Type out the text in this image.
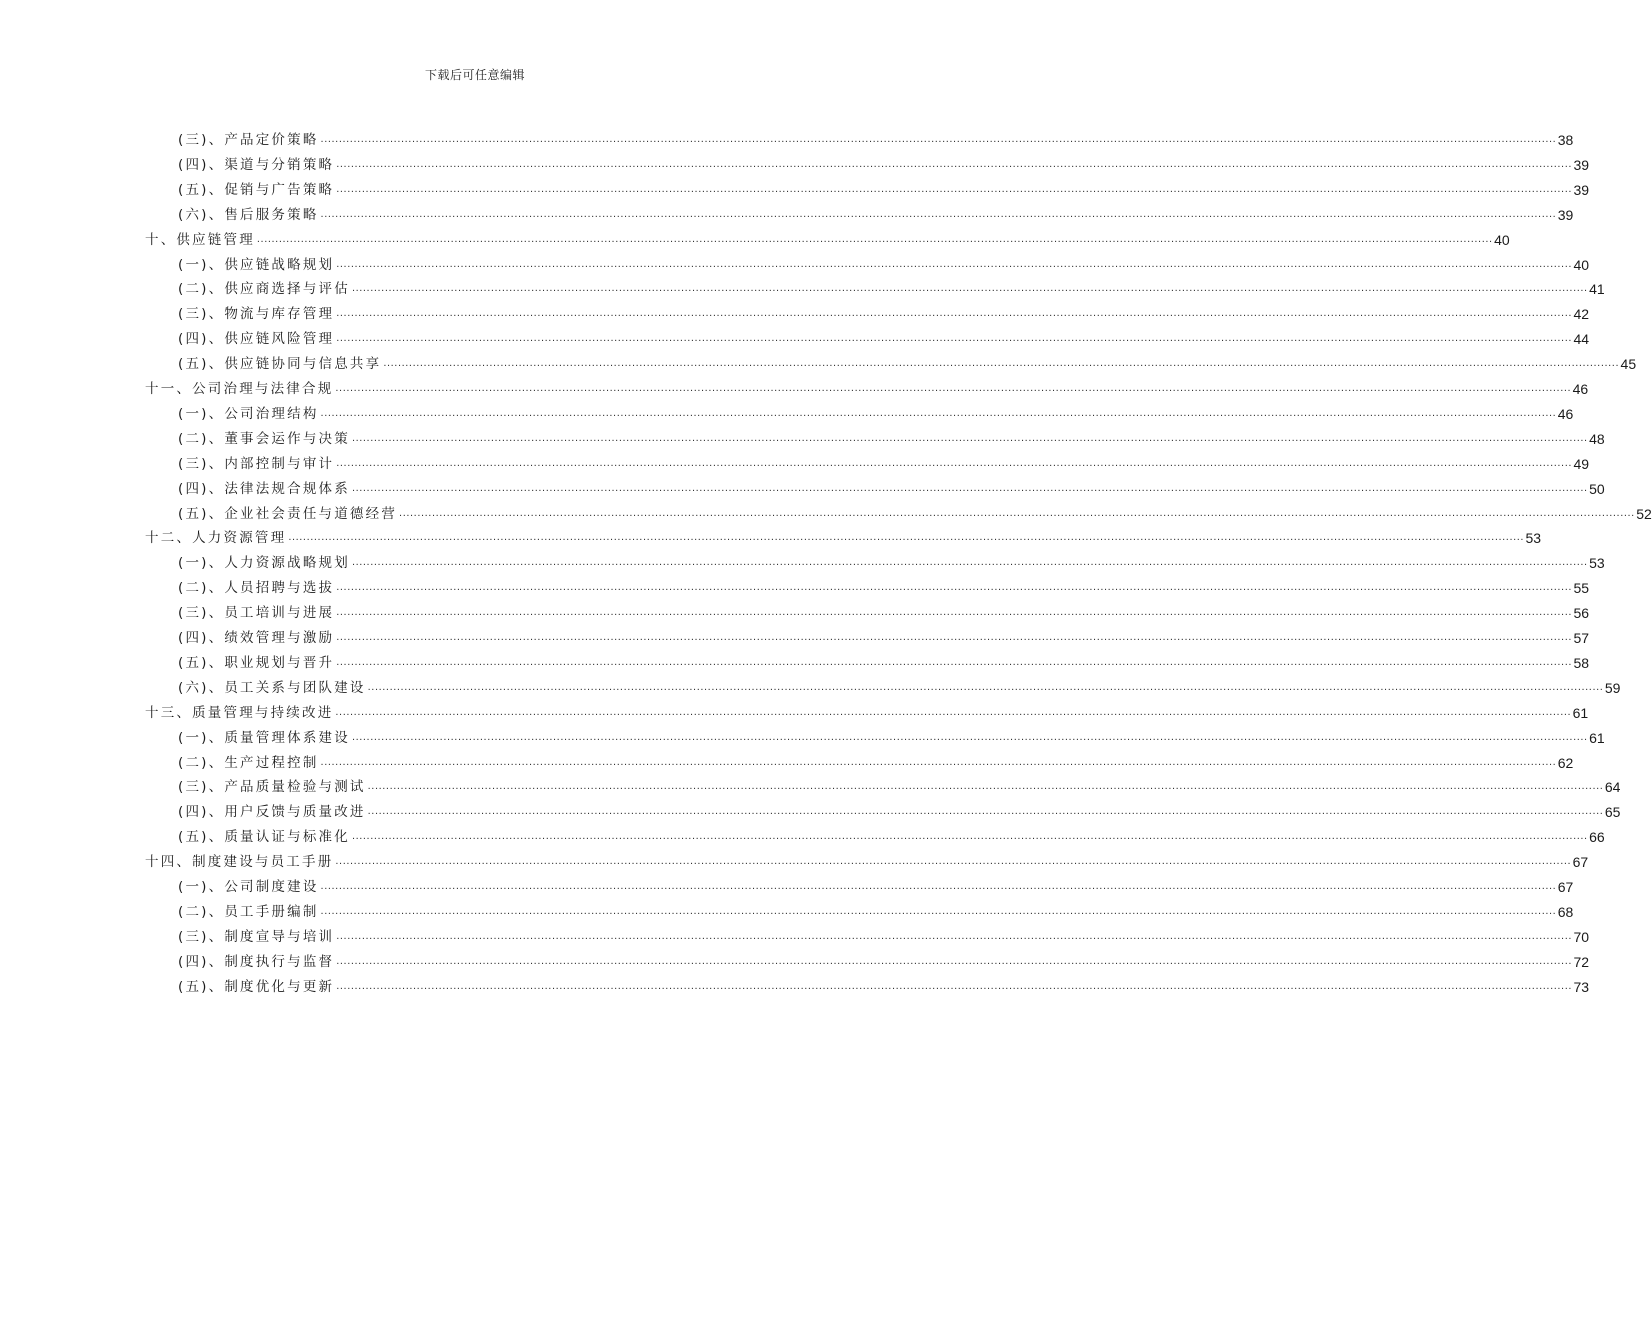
下载后可任意编辑
(三)、产品定价策略 .................................................................................................................................................................................................................................................................................................................................................. 38
(四)、渠道与分销策略 .................................................................................................................................................................................................................................................................................................................................................. 39
(五)、促销与广告策略 .................................................................................................................................................................................................................................................................................................................................................. 39
(六)、售后服务策略 .................................................................................................................................................................................................................................................................................................................................................. 39
十、供应链管理 .................................................................................................................................................................................................................................................................................................................................................. 40
(一)、供应链战略规划 .................................................................................................................................................................................................................................................................................................................................................. 40
(二)、供应商选择与评估 .................................................................................................................................................................................................................................................................................................................................................. 41
(三)、物流与库存管理 .................................................................................................................................................................................................................................................................................................................................................. 42
(四)、供应链风险管理 .................................................................................................................................................................................................................................................................................................................................................. 44
(五)、供应链协同与信息共享 .................................................................................................................................................................................................................................................................................................................................................. 45
十一、公司治理与法律合规 .................................................................................................................................................................................................................................................................................................................................................. 46
(一)、公司治理结构 .................................................................................................................................................................................................................................................................................................................................................. 46
(二)、董事会运作与决策 .................................................................................................................................................................................................................................................................................................................................................. 48
(三)、内部控制与审计 .................................................................................................................................................................................................................................................................................................................................................. 49
(四)、法律法规合规体系 .................................................................................................................................................................................................................................................................................................................................................. 50
(五)、企业社会责任与道德经营 .................................................................................................................................................................................................................................................................................................................................................. 52
十二、人力资源管理 .................................................................................................................................................................................................................................................................................................................................................. 53
(一)、人力资源战略规划 .................................................................................................................................................................................................................................................................................................................................................. 53
(二)、人员招聘与选拔 .................................................................................................................................................................................................................................................................................................................................................. 55
(三)、员工培训与进展 .................................................................................................................................................................................................................................................................................................................................................. 56
(四)、绩效管理与激励 .................................................................................................................................................................................................................................................................................................................................................. 57
(五)、职业规划与晋升 .................................................................................................................................................................................................................................................................................................................................................. 58
(六)、员工关系与团队建设 .................................................................................................................................................................................................................................................................................................................................................. 59
十三、质量管理与持续改进 .................................................................................................................................................................................................................................................................................................................................................. 61
(一)、质量管理体系建设 .................................................................................................................................................................................................................................................................................................................................................. 61
(二)、生产过程控制 .................................................................................................................................................................................................................................................................................................................................................. 62
(三)、产品质量检验与测试 .................................................................................................................................................................................................................................................................................................................................................. 64
(四)、用户反馈与质量改进 .................................................................................................................................................................................................................................................................................................................................................. 65
(五)、质量认证与标准化 .................................................................................................................................................................................................................................................................................................................................................. 66
十四、制度建设与员工手册 .................................................................................................................................................................................................................................................................................................................................................. 67
(一)、公司制度建设 .................................................................................................................................................................................................................................................................................................................................................. 67
(二)、员工手册编制 .................................................................................................................................................................................................................................................................................................................................................. 68
(三)、制度宣导与培训 .................................................................................................................................................................................................................................................................................................................................................. 70
(四)、制度执行与监督 .................................................................................................................................................................................................................................................................................................................................................. 72
(五)、制度优化与更新 .................................................................................................................................................................................................................................................................................................................................................. 73
